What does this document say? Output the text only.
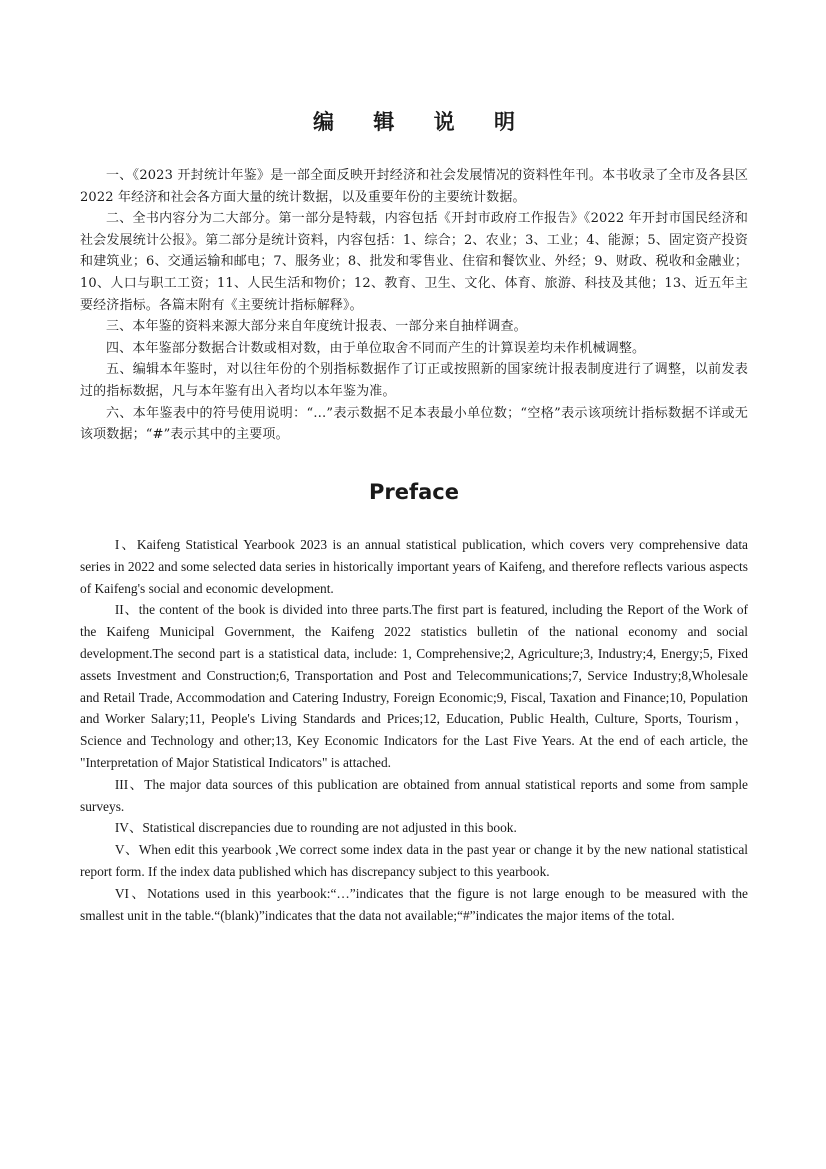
编 辑 说 明

一、《2023 开封统计年鉴》是一部全面反映开封经济和社会发展情况的资料性年刊。本书收录了全市及各县区 2022 年经济和社会各方面大量的统计数据，以及重要年份的主要统计数据。

二、全书内容分为二大部分。第一部分是特载，内容包括《开封市政府工作报告》《2022 年开封市国民经济和社会发展统计公报》。第二部分是统计资料，内容包括：1、综合；2、农业；3、工业；4、能源；5、固定资产投资和建筑业；6、交通运输和邮电；7、服务业；8、批发和零售业、住宿和餐饮业、外经；9、财政、税收和金融业；10、人口与职工工资；11、人民生活和物价；12、教育、卫生、文化、体育、旅游、科技及其他；13、近五年主要经济指标。各篇末附有《主要统计指标解释》。

三、本年鉴的资料来源大部分来自年度统计报表、一部分来自抽样调查。

四、本年鉴部分数据合计数或相对数，由于单位取舍不同而产生的计算误差均未作机械调整。

五、编辑本年鉴时，对以往年份的个别指标数据作了订正或按照新的国家统计报表制度进行了调整，以前发表过的指标数据，凡与本年鉴有出入者均以本年鉴为准。

六、本年鉴表中的符号使用说明：“…”表示数据不足本表最小单位数；“空格”表示该项统计指标数据不详或无该项数据；“#”表示其中的主要项。

Preface

I、Kaifeng Statistical Yearbook 2023 is an annual statistical publication, which covers very comprehensive data series in 2022 and some selected data series in historically important years of Kaifeng, and therefore reflects various aspects of Kaifeng's social and economic development.

II、the content of the book is divided into three parts.The first part is featured, including the Report of the Work of the Kaifeng Municipal Government, the Kaifeng 2022 statistics bulletin of the national economy and social development.The second part is a statistical data, include: 1, Comprehensive;2, Agriculture;3, Industry;4, Energy;5, Fixed assets Investment and Construction;6, Transportation and Post and Telecommunications;7, Service Industry;8,Wholesale and Retail Trade, Accommodation and Catering Industry, Foreign Economic;9, Fiscal, Taxation and Finance;10, Population and Worker Salary;11, People's Living Standards and Prices;12, Education, Public Health, Culture, Sports, Tourism， Science and Technology and other;13, Key Economic Indicators for the Last Five Years. At the end of each article, the "Interpretation of Major Statistical Indicators" is attached.

III、The major data sources of this publication are obtained from annual statistical reports and some from sample surveys.

IV、Statistical discrepancies due to rounding are not adjusted in this book.

V、When edit this yearbook ,We correct some index data in the past year or change it by the new national statistical report form. If the index data published which has discrepancy subject to this yearbook.

VI、Notations used in this yearbook:“…”indicates that the figure is not large enough to be measured with the smallest unit in the table.“(blank)”indicates that the data not available;“#”indicates the major items of the total.
